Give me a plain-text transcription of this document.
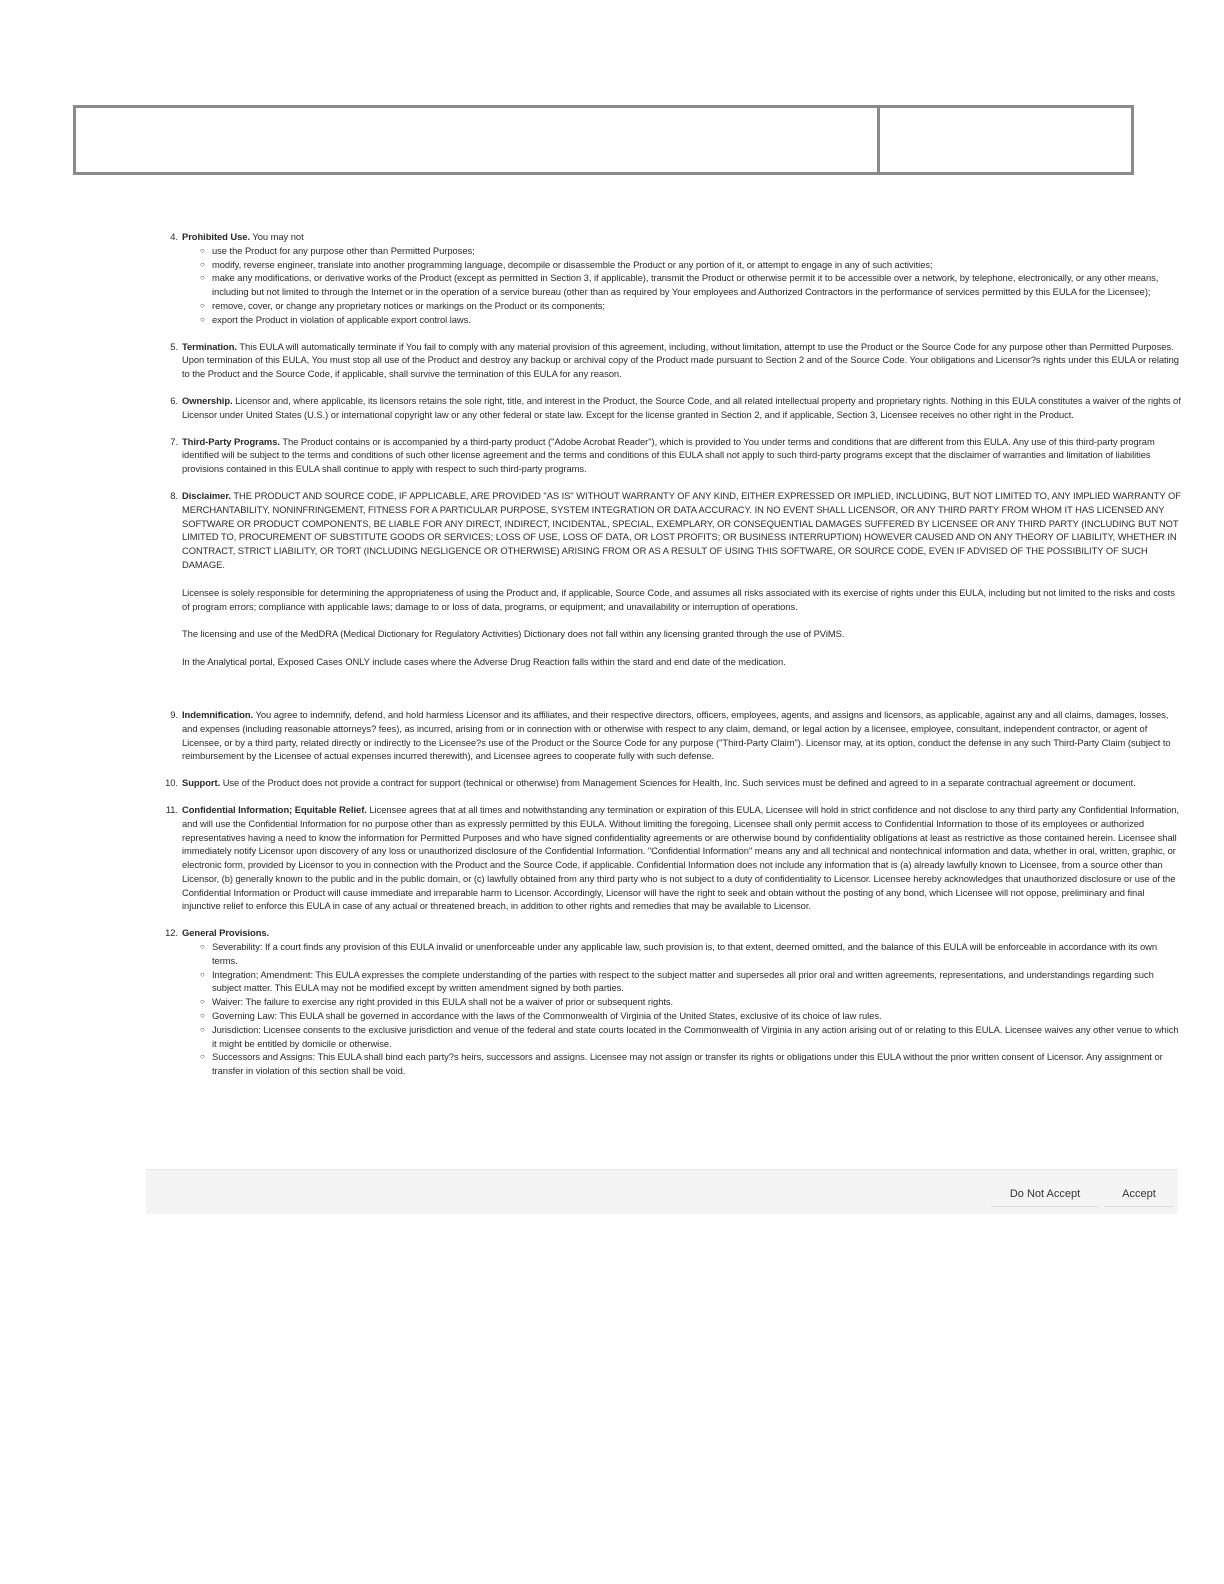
4. Prohibited Use. You may not

○ use the Product for any purpose other than Permitted Purposes;
○ modify, reverse engineer, translate into another programming language, decompile or disassemble the Product or any portion of it, or attempt to engage in any of such activities;
○ make any modifications, or derivative works of the Product (except as permitted in Section 3, if applicable), transmit the Product or otherwise permit it to be accessible over a network, by telephone, electronically, or any other means, including but not limited to through the Internet or in the operation of a service bureau (other than as required by Your employees and Authorized Contractors in the performance of services permitted by this EULA for the Licensee);
○ remove, cover, or change any proprietary notices or markings on the Product or its components;
○ export the Product in violation of applicable export control laws.
5. Termination. This EULA will automatically terminate if You fail to comply with any material provision of this agreement, including, without limitation, attempt to use the Product or the Source Code for any purpose other than Permitted Purposes. Upon termination of this EULA, You must stop all use of the Product and destroy any backup or archival copy of the Product made pursuant to Section 2 and of the Source Code. Your obligations and Licensor?s rights under this EULA or relating to the Product and the Source Code, if applicable, shall survive the termination of this EULA for any reason.

6. Ownership. Licensor and, where applicable, its licensors retains the sole right, title, and interest in the Product, the Source Code, and all related intellectual property and proprietary rights. Nothing in this EULA constitutes a waiver of the rights of Licensor under United States (U.S.) or international copyright law or any other federal or state law. Except for the license granted in Section 2, and if applicable, Section 3, Licensee receives no other right in the Product.

7. Third-Party Programs. The Product contains or is accompanied by a third-party product ("Adobe Acrobat Reader"), which is provided to You under terms and conditions that are different from this EULA. Any use of this third-party program identified will be subject to the terms and conditions of such other license agreement and the terms and conditions of this EULA shall not apply to such third-party programs except that the disclaimer of warranties and limitation of liabilities provisions contained in this EULA shall continue to apply with respect to such third-party programs.

8. Disclaimer. THE PRODUCT AND SOURCE CODE, IF APPLICABLE, ARE PROVIDED "AS IS" WITHOUT WARRANTY OF ANY KIND, EITHER EXPRESSED OR IMPLIED, INCLUDING, BUT NOT LIMITED TO, ANY IMPLIED WARRANTY OF MERCHANTABILITY, NONINFRINGEMENT, FITNESS FOR A PARTICULAR PURPOSE, SYSTEM INTEGRATION OR DATA ACCURACY. IN NO EVENT SHALL LICENSOR, OR ANY THIRD PARTY FROM WHOM IT HAS LICENSED ANY SOFTWARE OR PRODUCT COMPONENTS, BE LIABLE FOR ANY DIRECT, INDIRECT, INCIDENTAL, SPECIAL, EXEMPLARY, OR CONSEQUENTIAL DAMAGES SUFFERED BY LICENSEE OR ANY THIRD PARTY (INCLUDING BUT NOT LIMITED TO, PROCUREMENT OF SUBSTITUTE GOODS OR SERVICES; LOSS OF USE, LOSS OF DATA, OR LOST PROFITS; OR BUSINESS INTERRUPTION) HOWEVER CAUSED AND ON ANY THEORY OF LIABILITY, WHETHER IN CONTRACT, STRICT LIABILITY, OR TORT (INCLUDING NEGLIGENCE OR OTHERWISE) ARISING FROM OR AS A RESULT OF USING THIS SOFTWARE, OR SOURCE CODE, EVEN IF ADVISED OF THE POSSIBILITY OF SUCH DAMAGE.

Licensee is solely responsible for determining the appropriateness of using the Product and, if applicable, Source Code, and assumes all risks associated with its exercise of rights under this EULA, including but not limited to the risks and costs of program errors; compliance with applicable laws; damage to or loss of data, programs, or equipment; and unavailability or interruption of operations.

The licensing and use of the MedDRA (Medical Dictionary for Regulatory Activities) Dictionary does not fall within any licensing granted through the use of PViMS.

In the Analytical portal, Exposed Cases ONLY include cases where the Adverse Drug Reaction falls within the stard and end date of the medication.

9. Indemnification. You agree to indemnify, defend, and hold harmless Licensor and its affiliates, and their respective directors, officers, employees, agents, and assigns and licensors, as applicable, against any and all claims, damages, losses, and expenses (including reasonable attorneys? fees), as incurred, arising from or in connection with or otherwise with respect to any claim, demand, or legal action by a licensee, employee, consultant, independent contractor, or agent of Licensee, or by a third party, related directly or indirectly to the Licensee?s use of the Product or the Source Code for any purpose ("Third-Party Claim"). Licensor may, at its option, conduct the defense in any such Third-Party Claim (subject to reimbursement by the Licensee of actual expenses incurred therewith), and Licensee agrees to cooperate fully with such defense.

10. Support. Use of the Product does not provide a contract for support (technical or otherwise) from Management Sciences for Health, Inc. Such services must be defined and agreed to in a separate contractual agreement or document.

11. Confidential Information; Equitable Relief. Licensee agrees that at all times and notwithstanding any termination or expiration of this EULA, Licensee will hold in strict confidence and not disclose to any third party any Confidential Information, and will use the Confidential Information for no purpose other than as expressly permitted by this EULA. Without limiting the foregoing, Licensee shall only permit access to Confidential Information to those of its employees or authorized representatives having a need to know the information for Permitted Purposes and who have signed confidentiality agreements or are otherwise bound by confidentiality obligations at least as restrictive as those contained herein. Licensee shall immediately notify Licensor upon discovery of any loss or unauthorized disclosure of the Confidential Information. "Confidential Information" means any and all technical and nontechnical information and data, whether in oral, written, graphic, or electronic form, provided by Licensor to you in connection with the Product and the Source Code, if applicable. Confidential Information does not include any information that is (a) already lawfully known to Licensee, from a source other than Licensor, (b) generally known to the public and in the public domain, or (c) lawfully obtained from any third party who is not subject to a duty of confidentiality to Licensor. Licensee hereby acknowledges that unauthorized disclosure or use of the Confidential Information or Product will cause immediate and irreparable harm to Licensor. Accordingly, Licensor will have the right to seek and obtain without the posting of any bond, which Licensee will not oppose, preliminary and final injunctive relief to enforce this EULA in case of any actual or threatened breach, in addition to other rights and remedies that may be available to Licensor.

12. General Provisions.

○ Severability: If a court finds any provision of this EULA invalid or unenforceable under any applicable law, such provision is, to that extent, deemed omitted, and the balance of this EULA will be enforceable in accordance with its own terms.
○ Integration; Amendment: This EULA expresses the complete understanding of the parties with respect to the subject matter and supersedes all prior oral and written agreements, representations, and understandings regarding such subject matter. This EULA may not be modified except by written amendment signed by both parties.
○ Waiver: The failure to exercise any right provided in this EULA shall not be a waiver of prior or subsequent rights.
○ Governing Law: This EULA shall be governed in accordance with the laws of the Commonwealth of Virginia of the United States, exclusive of its choice of law rules.
○ Jurisdiction: Licensee consents to the exclusive jurisdiction and venue of the federal and state courts located in the Commonwealth of Virginia in any action arising out of or relating to this EULA. Licensee waives any other venue to which it might be entitled by domicile or otherwise.
○ Successors and Assigns: This EULA shall bind each party?s heirs, successors and assigns. Licensee may not assign or transfer its rights or obligations under this EULA without the prior written consent of Licensor. Any assignment or transfer in violation of this section shall be void.
Do Not Accept	Accept
